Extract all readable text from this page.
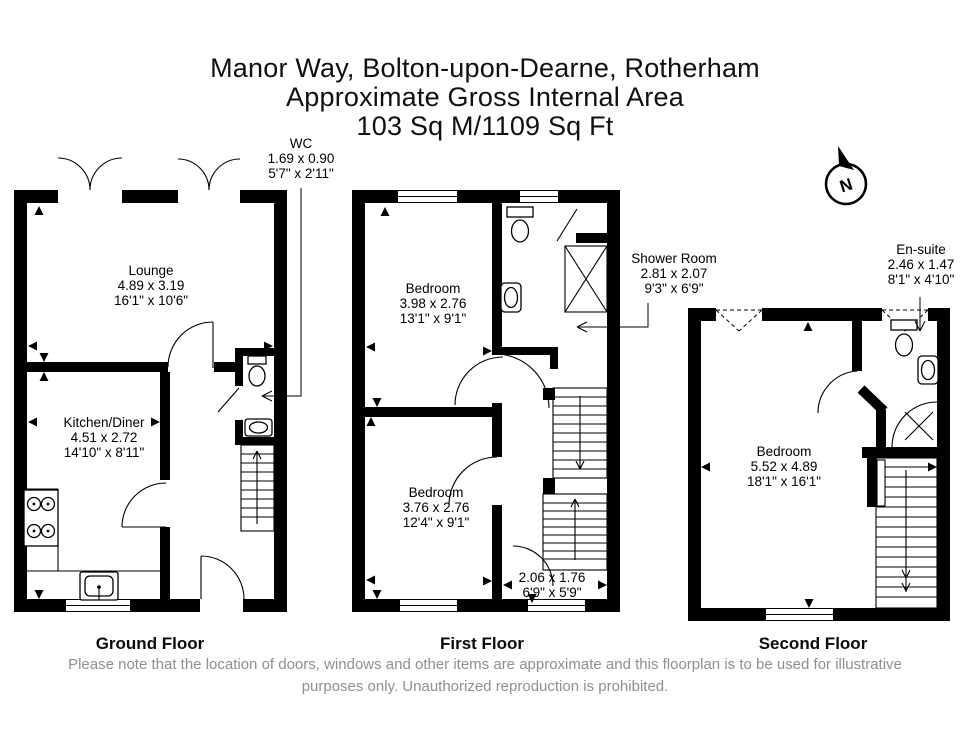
N
Manor Way, Bolton-upon-Dearne, Rotherham
Approximate Gross Internal Area
103 Sq M/1109 Sq Ft
Lounge
4.89 x 3.19
16'1" x 10'6"
Kitchen/Diner
4.51 x 2.72
14'10" x 8'11"
WC
1.69 x 0.90
5'7" x 2'11"
Bedroom
3.98 x 2.76
13'1" x 9'1"
Shower Room
2.81 x 2.07
9'3" x 6'9"
Bedroom
3.76 x 2.76
12'4" x 9'1"
2.06 x 1.76
6'9" x 5'9"
En-suite
2.46 x 1.47
8'1" x 4'10"
Bedroom
5.52 x 4.89
18'1" x 16'1"
Ground Floor	First Floor	Second Floor
Please note that the location of doors, windows and other items are approximate and this floorplan is to be used for illustrative
purposes only. Unauthorized reproduction is prohibited.
